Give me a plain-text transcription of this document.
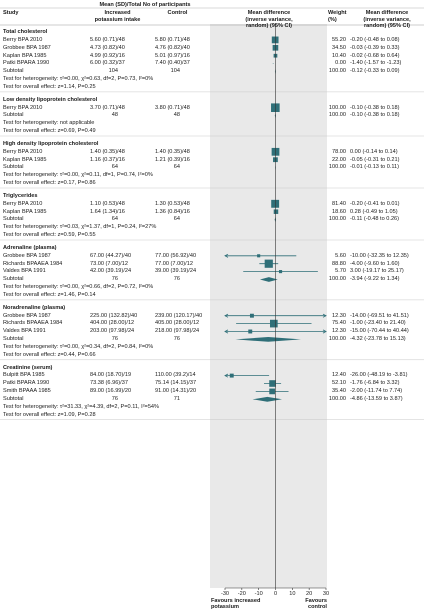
Study
Mean (SD)/Total No of participants
Increased
potassium intake
Control	Mean difference
(inverse variance,
random) (95% CI)
Weight
(%)
Mean difference
(inverse variance,
random) (95% CI)
Total cholesterol
Berry BPA 2010	5.60 (0.71)/48	5.80 (0.71)/48	55.20 -0.20 (-0.48 to 0.08)
Grobbee BPA 1987	4.73 (0.82)/40	4.76 (0.82)/40	34.50 -0.03 (-0.39 to 0.33)
Kaplan BPA 1985	4.99 (0.92)/16	5.01 (0.97)/16	10.40 -0.02 (-0.68 to 0.64)
Patki BPARA 1990	6.00 (0.32)/37	7.40 (0.40)/37	0.00 -1.40 (-1.57 to -1.23)
Subtotal	104	104	100.00 -0.12 (-0.33 to 0.09)
Test for heterogeneity: τ²=0.00, χ²=0.63, df=2, P=0.73, I²=0%
Test for overall effect: z=1.14, P=0.25
Low density lipoprotein cholesterol
Berry BPA 2010	3.70 (0.71)/48	3.80 (0.71)/48	100.00 -0.10 (-0.38 to 0.18)
Subtotal	48	48	100.00 -0.10 (-0.38 to 0.18)
Test for heterogeneity: not applicable
Test for overall effect: z=0.69, P=0.49
High density lipoprotein cholesterol
Berry BPA 2010	1.40 (0.35)/48	1.40 (0.35)/48	78.00 0.00 (-0.14 to 0.14)
Kaplan BPA 1985	1.16 (0.37)/16	1.21 (0.39)/16	22.00 -0.05 (-0.31 to 0.21)
Subtotal	64	64	100.00 -0.01 (-0.13 to 0.11)
Test for heterogeneity: τ²=0.00, χ²=0.11, df=1, P=0.74, I²=0%
Test for overall effect: z=0.17, P=0.86
Triglycerides
Berry BPA 2010	1.10 (0.53)/48	1.30 (0.53)/48	81.40 -0.20 (-0.41 to 0.01)
Kaplan BPA 1985	1.64 (1.34)/16	1.36 (0.84)/16	18.60 0.28 (-0.49 to 1.05)
Subtotal	64	64	100.00 -0.11 (-0.48 to 0.26)
Test for heterogeneity: τ²=0.03, χ²=1.37, df=1, P=0.24, I²=27%
Test for overall effect: z=0.59, P=0.55
Adrenaline (plasma)
Grobbee BPA 1987	67.00 (44.27)/40	77.00 (56.92)/40	5.60 -10.00 (-32.35 to 12.35)
Richards BPAAEA 1984	73.00 (7.00)/12	77.00 (7.00)/12	88.80 -4.00 (-9.60 to 1.60)
Valdes BPA 1991	42.00 (39.19)/24	39.00 (39.19)/24	5.70 3.00 (-19.17 to 25.17)
Subtotal	76	76	100.00 -3.94 (-9.22 to 1.34)
Test for heterogeneity: τ²=0.00, χ²=0.66, df=2, P=0.72, I²=0%
Test for overall effect: z=1.46, P=0.14
Noradrenaline (plasma)
Grobbee BPA 1987	225.00 (132.82)/40	239.00 (120.17)/40	12.30 -14.00 (-69.51 to 41.51)
Richards BPAAEA 1984	404.00 (28.00)/12	405.00 (28.00)/12	75.40 -1.00 (-23.40 to 21.40)
Valdes BPA 1991	203.00 (97.98)/24	218.00 (97.98)/24	12.30 -15.00 (-70.44 to 40.44)
Subtotal	76	76	100.00 -4.32 (-23.78 to 15.13)
Test for heterogeneity: τ²=0.00, χ²=0.34, df=2, P=0.84, I²=0%
Test for overall effect: z=0.44, P=0.66
Creatinine (serum)
Bulpitt BPA 1985	84.00 (18.70)/19	110.00 (39.2)/14	12.40 -26.00 (-48.19 to -3.81)
Patki BPARA 1990	73.38 (6.96)/37	75.14 (14.15)/37	52.10 -1.76 (-6.84 to 3.32)
Smith BPAAA 1985	89.00 (16.99)/20	91.00 (14.31)/20	35.40 -2.00 (-11.74 to 7.74)
Subtotal	76	71	100.00 -4.86 (-13.59 to 3.87)
Test for heterogeneity: τ²=31.33, χ²=4.39, df=2, P=0.11, I²=54%
Test for overall effect: z=1.09, P=0.28
-30	-20	-10	0	10	20	30
Favours increased
potassium
Favours
control
